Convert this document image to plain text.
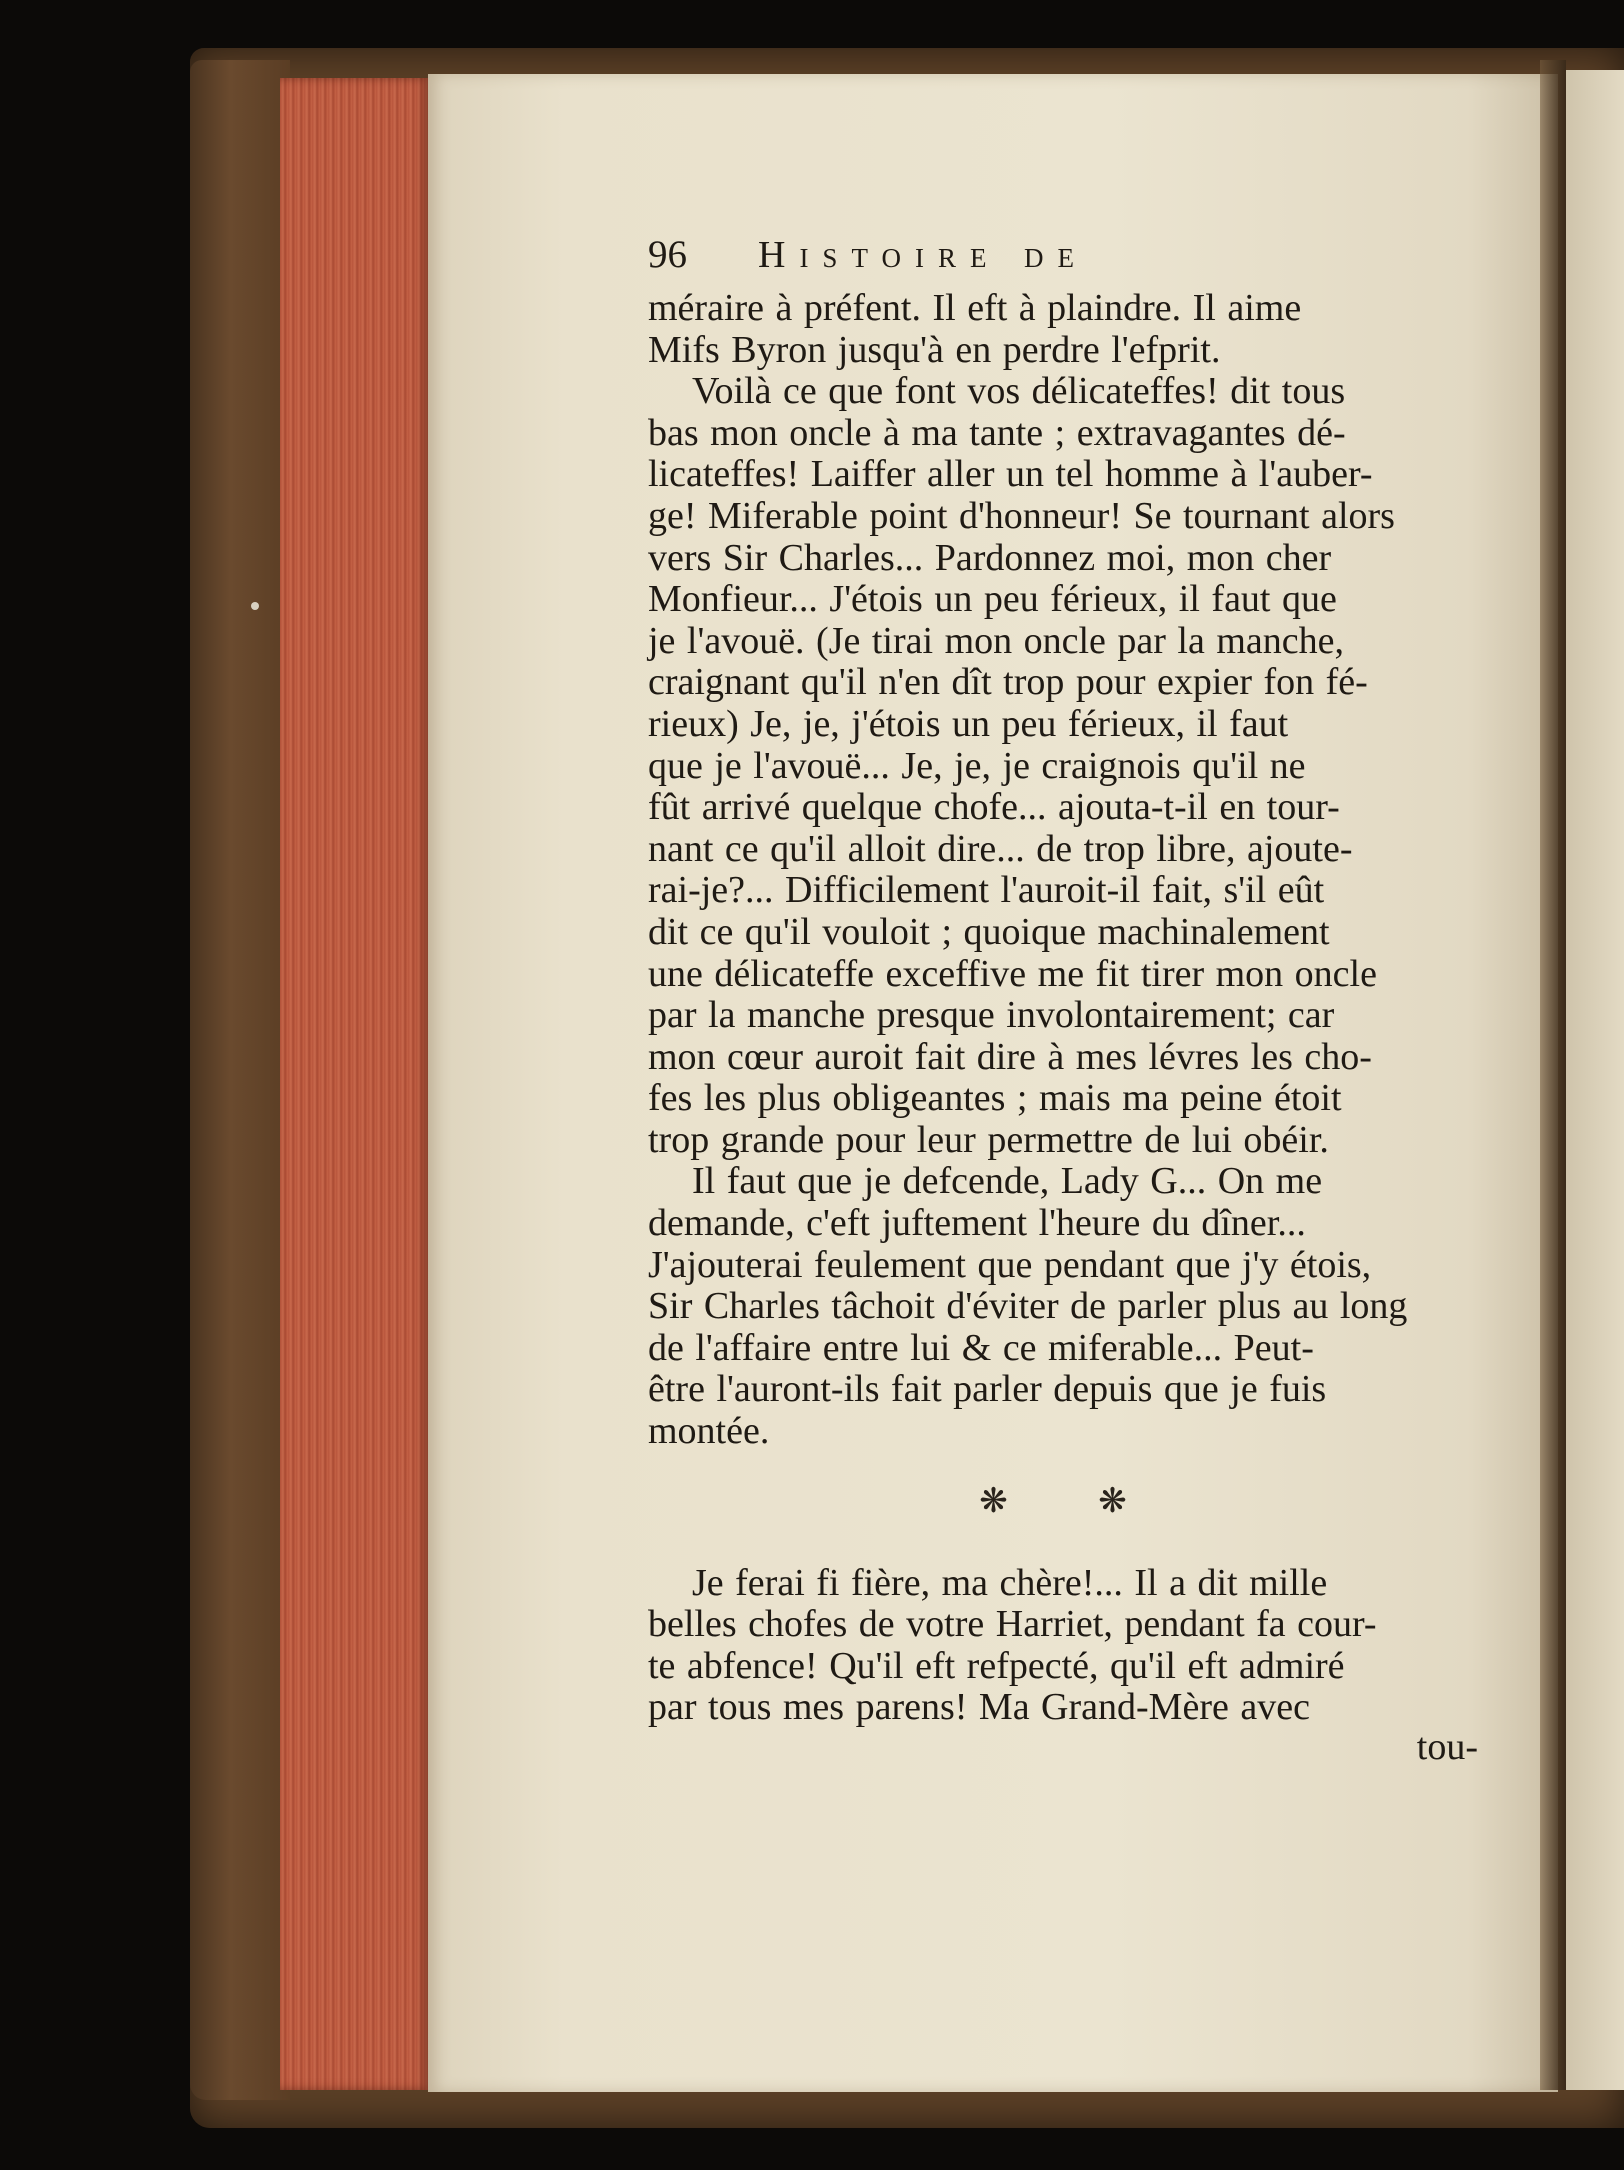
96	Histoire de
méraire à préfent. Il eft à plaindre. Il aime
Mifs Byron jusqu'à en perdre l'efprit.
Voilà ce que font vos délicateffes! dit tous
bas mon oncle à ma tante ; extravagantes dé-
licateffes! Laiffer aller un tel homme à l'auber-
ge! Miferable point d'honneur! Se tournant alors
vers Sir Charles... Pardonnez moi, mon cher
Monfieur... J'étois un peu férieux, il faut que
je l'avouë. (Je tirai mon oncle par la manche,
craignant qu'il n'en dît trop pour expier fon fé-
rieux) Je, je, j'étois un peu férieux, il faut
que je l'avouë... Je, je, je craignois qu'il ne
fût arrivé quelque chofe... ajouta-t-il en tour-
nant ce qu'il alloit dire... de trop libre, ajoute-
rai-je?... Difficilement l'auroit-il fait, s'il eût
dit ce qu'il vouloit ; quoique machinalement
une délicateffe exceffive me fit tirer mon oncle
par la manche presque involontairement; car
mon cœur auroit fait dire à mes lévres les cho-
fes les plus obligeantes ; mais ma peine étoit
trop grande pour leur permettre de lui obéir.
Il faut que je defcende, Lady G... On me
demande, c'eft juftement l'heure du dîner...
J'ajouterai feulement que pendant que j'y étois,
Sir Charles tâchoit d'éviter de parler plus au long
de l'affaire entre lui & ce miferable... Peut-
être l'auront-ils fait parler depuis que je fuis
montée.
❋ ❋
Je ferai fi fière, ma chère!... Il a dit mille
belles chofes de votre Harriet, pendant fa cour-
te abfence! Qu'il eft refpecté, qu'il eft admiré
par tous mes parens! Ma Grand-Mère avec
tou-
